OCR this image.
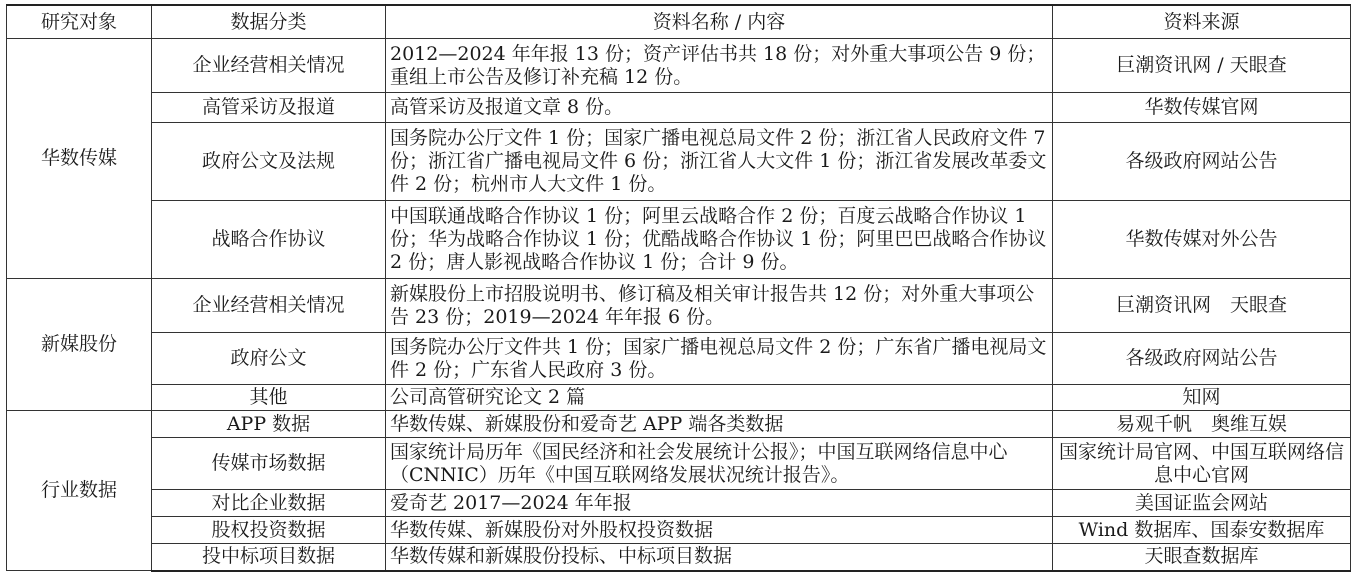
研究对象	数据分类	资料名称 / 内容	资料来源
华数传媒	企业经营相关情况	2012—2024 年年报 13 份；资产评估书共 18 份；对外重大事项公告 9 份；重组上市公告及修订补充稿 12 份。	巨潮资讯网 / 天眼查
	高管采访及报道	高管采访及报道文章 8 份。	华数传媒官网
	政府公文及法规	国务院办公厅文件 1 份；国家广播电视总局文件 2 份；浙江省人民政府文件 7 份；浙江省广播电视局文件 6 份；浙江省人大文件 1 份；浙江省发展改革委文件 2 份；杭州市人大文件 1 份。	各级政府网站公告
	战略合作协议	中国联通战略合作协议 1 份；阿里云战略合作 2 份；百度云战略合作协议 1 份；华为战略合作协议 1 份；优酷战略合作协议 1 份；阿里巴巴战略合作协议 2 份；唐人影视战略合作协议 1 份；合计 9 份。	华数传媒对外公告
新媒股份	企业经营相关情况	新媒股份上市招股说明书、修订稿及相关审计报告共 12 份；对外重大事项公告 23 份；2019—2024 年年报 6 份。	巨潮资讯网　天眼查
	政府公文	国务院办公厅文件共 1 份；国家广播电视总局文件 2 份；广东省广播电视局文件 2 份；广东省人民政府 3 份。	各级政府网站公告
	其他	公司高管研究论文 2 篇	知网
行业数据	APP 数据	华数传媒、新媒股份和爱奇艺 APP 端各类数据	易观千帆　奥维互娱
	传媒市场数据	国家统计局历年《国民经济和社会发展统计公报》；中国互联网络信息中心（CNNIC）历年《中国互联网络发展状况统计报告》。	国家统计局官网、中国互联网络信息中心官网
	对比企业数据	爱奇艺 2017—2024 年年报	美国证监会网站
	股权投资数据	华数传媒、新媒股份对外股权投资数据	Wind 数据库、国泰安数据库
	投中标项目数据	华数传媒和新媒股份投标、中标项目数据	天眼查数据库
